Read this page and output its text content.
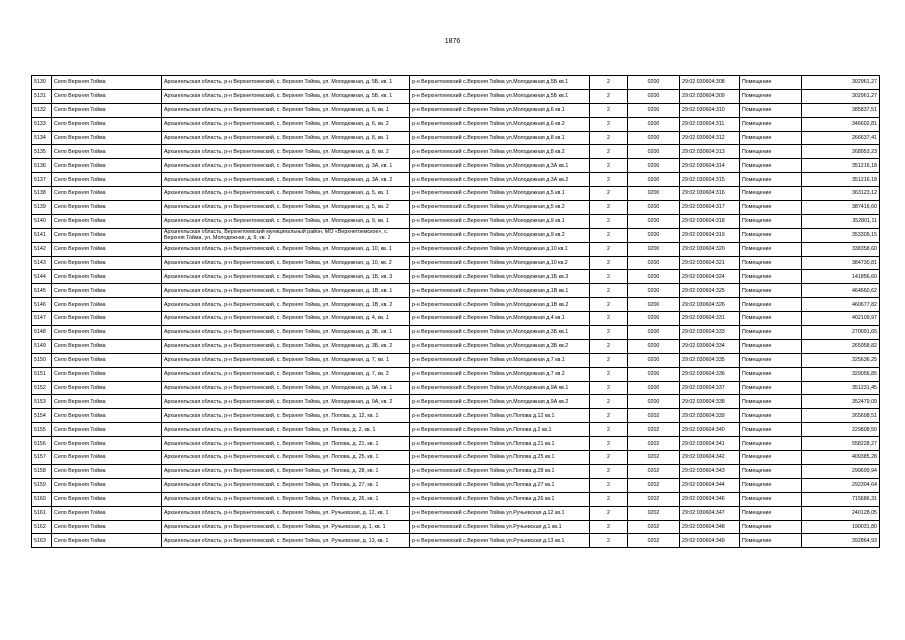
1876
5130	Село Верхняя Тойма	Архангельская область, р-н Верхнетоемский, с. Верхняя Тойма, ул. Молодежная, д. 5Б, кв. 1	р-н Верхнетоемский с.Верхняя Тойма ул.Молодежная д.5Б кв.1	2	0200	29:02:030604:308	Помещение	302961,27

5131	Село Верхняя Тойма	Архангельская область, р-н Верхнетоемский, с. Верхняя Тойма, ул. Молодежная, д. 5Б, кв. 1	р-н Верхнетоемский с.Верхняя Тойма ул.Молодежная д.5Б кв.1	2	0200	29:02:030604:309	Помещение	302961,27

5132	Село Верхняя Тойма	Архангельская область, р-н Верхнетоемский, с. Верхняя Тойма, ул. Молодежная, д. 6, кв. 1	р-н Верхнетоемский с.Верхняя Тойма ул.Молодежная д.6 кв.1	2	0200	29:02:030604:310	Помещение	385837,51

5133	Село Верхняя Тойма	Архангельская область, р-н Верхнетоемский, с. Верхняя Тойма, ул. Молодежная, д. 6, кв. 2	р-н Верхнетоемский с.Верхняя Тойма ул.Молодежная д.6 кв.2	2	0200	29:02:030604:311	Помещение	346602,81

5134	Село Верхняя Тойма	Архангельская область, р-н Верхнетоемский, с. Верхняя Тойма, ул. Молодежная, д. 8, кв. 1	р-н Верхнетоемский с.Верхняя Тойма ул.Молодежная д.8 кв.1	2	0200	29:02:030604:312	Помещение	266637,41

5135	Село Верхняя Тойма	Архангельская область, р-н Верхнетоемский, с. Верхняя Тойма, ул. Молодежная, д. 8, кв. 2	р-н Верхнетоемский с.Верхняя Тойма ул.Молодежная д.8 кв.2	2	0200	29:02:030604:313	Помещение	268953,23

5136	Село Верхняя Тойма	Архангельская область, р-н Верхнетоемский, с. Верхняя Тойма, ул. Молодежная, д. 3А, кв. 1	р-н Верхнетоемский с.Верхняя Тойма ул.Молодежная д.3А кв.1	2	0200	29:02:030604:314	Помещение	351216,18

5137	Село Верхняя Тойма	Архангельская область, р-н Верхнетоемский, с. Верхняя Тойма, ул. Молодежная, д. 3А, кв. 2	р-н Верхнетоемский с.Верхняя Тойма ул.Молодежная д.3А кв.2	2	0200	29:02:030604:315	Помещение	351216,18

5138	Село Верхняя Тойма	Архангельская область, р-н Верхнетоемский, с. Верхняя Тойма, ул. Молодежная, д. 5, кв. 1	р-н Верхнетоемский с.Верхняя Тойма ул.Молодежная д.5 кв.1	2	0200	29:02:030604:316	Помещение	363123,12

5139	Село Верхняя Тойма	Архангельская область, р-н Верхнетоемский, с. Верхняя Тойма, ул. Молодежная, д. 5, кв. 2	р-н Верхнетоемский с.Верхняя Тойма ул.Молодежная д.5 кв.2	2	0200	29:02:030604:317	Помещение	387416,60

5140	Село Верхняя Тойма	Архангельская область, р-н Верхнетоемский, с. Верхняя Тойма, ул. Молодежная, д. 9, кв. 1	р-н Верхнетоемский с.Верхняя Тойма ул.Молодежная д.9 кв.1	2	0200	29:02:030604:318	Помещение	352801,11

5141	Село Верхняя Тойма	Архангельская область, Верхнетоемский муниципальный район, МО «Верхнетоемское», с. Верхняя Тойма, ул. Молодежная, д. 9, кв. 2	р-н Верхнетоемский с.Верхняя Тойма ул.Молодежная д.9 кв.2	2	0200	29:02:030604:319	Помещение	353305,15

5142	Село Верхняя Тойма	Архангельская область, р-н Верхнетоемский, с. Верхняя Тойма, ул. Молодежная, д. 10, кв. 1	р-н Верхнетоемский с.Верхняя Тойма ул.Молодежная д.10 кв.1	2	0200	29:02:030604:320	Помещение	338358,60

5143	Село Верхняя Тойма	Архангельская область, р-н Верхнетоемский, с. Верхняя Тойма, ул. Молодежная, д. 10, кв. 2	р-н Верхнетоемский с.Верхняя Тойма ул.Молодежная д.10 кв.2	2	0200	29:02:030604:321	Помещение	384730,81

5144	Село Верхняя Тойма	Архангельская область, р-н Верхнетоемский, с. Верхняя Тойма, ул. Молодежная, д. 1Б, кв. 3	р-н Верхнетоемский с.Верхняя Тойма ул.Молодежная д.1Б кв.3	2	0200	29:02:030604:324	Помещение	141856,60

5145	Село Верхняя Тойма	Архангельская область, р-н Верхнетоемский, с. Верхняя Тойма, ул. Молодежная, д. 1В, кв. 1	р-н Верхнетоемский с.Верхняя Тойма ул.Молодежная д.1В кв.1	2	0200	29:02:030604:325	Помещение	464660,62

5146	Село Верхняя Тойма	Архангельская область, р-н Верхнетоемский, с. Верхняя Тойма, ул. Молодежная, д. 1В, кв. 2	р-н Верхнетоемский с.Верхняя Тойма ул.Молодежная д.1В кв.2	2	0200	29:02:030604:326	Помещение	460677,82

5147	Село Верхняя Тойма	Архангельская область, р-н Верхнетоемский, с. Верхняя Тойма, ул. Молодежная, д. 4, кв. 1	р-н Верхнетоемский с.Верхняя Тойма ул.Молодежная д.4 кв.1	2	0200	29:02:030604:331	Помещение	402109,97

5148	Село Верхняя Тойма	Архангельская область, р-н Верхнетоемский, с. Верхняя Тойма, ул. Молодежная, д. 3Б, кв. 1	р-н Верхнетоемский с.Верхняя Тойма ул.Молодежная д.3Б кв.1	2	0200	29:02:030604:333	Помещение	270091,65

5149	Село Верхняя Тойма	Архангельская область, р-н Верхнетоемский, с. Верхняя Тойма, ул. Молодежная, д. 3Б, кв. 2	р-н Верхнетоемский с.Верхняя Тойма ул.Молодежная д.3Б кв.2	2	0200	29:02:030604:334	Помещение	265058,82

5150	Село Верхняя Тойма	Архангельская область, р-н Верхнетоемский, с. Верхняя Тойма, ул. Молодежная, д. 7, кв. 1	р-н Верхнетоемский с.Верхняя Тойма ул.Молодежная д.7 кв.1	2	0200	29:02:030604:335	Помещение	325636,25

5151	Село Верхняя Тойма	Архангельская область, р-н Верхнетоемский, с. Верхняя Тойма, ул. Молодежная, д. 7, кв. 2	р-н Верхнетоемский с.Верхняя Тойма ул.Молодежная д.7 кв.2	2	0200	29:02:030604:336	Помещение	329056,85

5152	Село Верхняя Тойма	Архангельская область, р-н Верхнетоемский, с. Верхняя Тойма, ул. Молодежная, д. 9А, кв. 1	р-н Верхнетоемский с.Верхняя Тойма ул.Молодежная д.9А кв.1	2	0200	29:02:030604:337	Помещение	351231,45

5153	Село Верхняя Тойма	Архангельская область, р-н Верхнетоемский, с. Верхняя Тойма, ул. Молодежная, д. 9А, кв. 2	р-н Верхнетоемский с.Верхняя Тойма ул.Молодежная д.9А кв.2	2	0200	29:02:030604:338	Помещение	352479,09

5154	Село Верхняя Тойма	Архангельская область, р-н Верхнетоемский, с. Верхняя Тойма, ул. Попова, д. 12, кв. 1	р-н Верхнетоемский с.Верхняя Тойма ул.Попова д.12 кв.1	2	0202	29:02:030604:339	Помещение	265608,51

5155	Село Верхняя Тойма	Архангельская область, р-н Верхнетоемский, с. Верхняя Тойма, ул. Попова, д. 2, кв. 1	р-н Верхнетоемский с.Верхняя Тойма ул.Попова д.2 кв.1	2	0202	29:02:030604:340	Помещение	229808,50

5156	Село Верхняя Тойма	Архангельская область, р-н Верхнетоемский, с. Верхняя Тойма, ул. Попова, д. 21, кв. 1	р-н Верхнетоемский с.Верхняя Тойма ул.Попова д.21 кв.1	2	0202	29:02:030604:341	Помещение	558228,27

5157	Село Верхняя Тойма	Архангельская область, р-н Верхнетоемский, с. Верхняя Тойма, ул. Попова, д. 25, кв. 1	р-н Верхнетоемский с.Верхняя Тойма ул.Попова д.25 кв.1	2	0202	29:02:030604:342	Помещение	409385,28

5158	Село Верхняя Тойма	Архангельская область, р-н Верхнетоемский, с. Верхняя Тойма, ул. Попова, д. 28, кв. 1	р-н Верхнетоемский с.Верхняя Тойма ул.Попова д.28 кв.1	2	0202	29:02:030604:343	Помещение	299699,94

5159	Село Верхняя Тойма	Архангельская область, р-н Верхнетоемский, с. Верхняя Тойма, ул. Попова, д. 27, кв. 1	р-н Верхнетоемский с.Верхняя Тойма ул.Попова д.27 кв.1	2	0202	29:02:030604:344	Помещение	292304,64

5160	Село Верхняя Тойма	Архангельская область, р-н Верхнетоемский, с. Верхняя Тойма, ул. Попова, д. 26, кв. 1	р-н Верхнетоемский с.Верхняя Тойма ул.Попова д.26 кв.1	2	0202	29:02:030604:346	Помещение	715686,31

5161	Село Верхняя Тойма	Архангельская область, р-н Верхнетоемский, с. Верхняя Тойма, ул. Ручьевская, д. 12, кв. 1	р-н Верхнетоемский с.Верхняя Тойма ул.Ручьевская д.12 кв.1	2	0202	29:02:030604:347	Помещение	240128,05

5162	Село Верхняя Тойма	Архангельская область, р-н Верхнетоемский, с. Верхняя Тойма, ул. Ручьевская, д. 1, кв. 1	р-н Верхнетоемский с.Верхняя Тойма ул.Ручьевская д.1 кв.1	2	0202	29:02:030604:348	Помещение	190031,80

5163	Село Верхняя Тойма	Архангельская область, р-н Верхнетоемский, с. Верхняя Тойма, ул. Ручьевская, д. 13, кв. 1	р-н Верхнетоемский с.Верхняя Тойма ул.Ручьевская д.13 кв.1	2	0202	29:02:030604:349	Помещение	392864,93
